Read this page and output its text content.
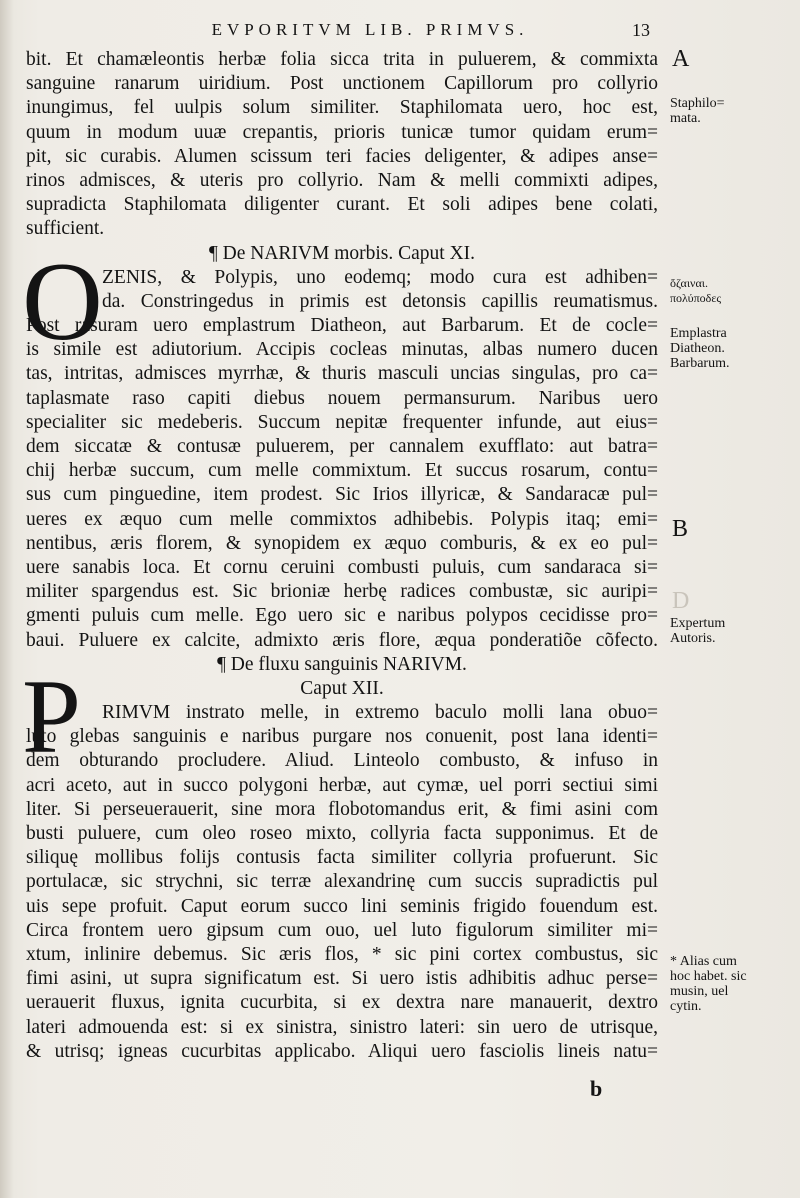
EVPORITVM LIB. PRIMVS.	13
O
P
bit. Et chamæleontis herbæ folia sicca trita in puluerem, & commixta
sanguine ranarum uiridium. Post unctionem Capillorum pro collyrio
inungimus, fel uulpis solum similiter. Staphilomata uero, hoc est,
quum in modum uuæ crepantis, prioris tunicæ tumor quidam erum=
pit, sic curabis. Alumen scissum teri facies deligenter, & adipes anse=
rinos admisces, & uteris pro collyrio. Nam & melli commixti adipes,
supradicta Staphilomata diligenter curant. Et soli adipes bene colati,
sufficient.
¶ De NARIVM morbis. Caput XI.
ZENIS, & Polypis, uno eodemq; modo cura est adhiben=
da. Constringedus in primis est detonsis capillis reumatismus.
Post rasuram uero emplastrum Diatheon, aut Barbarum. Et de cocle=
is simile est adiutorium. Accipis cocleas minutas, albas numero ducen
tas, intritas, admisces myrrhæ, & thuris masculi uncias singulas, pro ca=
taplasmate raso capiti diebus nouem permansurum. Naribus uero
specialiter sic medeberis. Succum nepitæ frequenter infunde, aut eius=
dem siccatæ & contusæ puluerem, per cannalem exufflato: aut batra=
chij herbæ succum, cum melle commixtum. Et succus rosarum, contu=
sus cum pinguedine, item prodest. Sic Irios illyricæ, & Sandaracæ pul=
ueres ex æquo cum melle commixtos adhibebis. Polypis itaq; emi=
nentibus, æris florem, & synopidem ex æquo comburis, & ex eo pul=
uere sanabis loca. Et cornu ceruini combusti puluis, cum sandaraca si=
militer spargendus est. Sic brioniæ herbę radices combustæ, sic auripi=
gmenti puluis cum melle. Ego uero sic e naribus polypos cecidisse pro=
baui. Puluere ex calcite, admixto æris flore, æqua ponderatiõe cõfecto.
¶ De fluxu sanguinis NARIVM.
Caput XII.
RIMVM instrato melle, in extremo baculo molli lana obuo=
luto glebas sanguinis e naribus purgare nos conuenit, post lana identi=
dem obturando procludere. Aliud. Linteolo combusto, & infuso in
acri aceto, aut in succo polygoni herbæ, aut cymæ, uel porri sectiui simi
liter. Si perseuerauerit, sine mora flobotomandus erit, & fimi asini com
busti puluere, cum oleo roseo mixto, collyria facta supponimus. Et de
siliquę mollibus folijs contusis facta similiter collyria profuerunt. Sic
portulacæ, sic strychni, sic terræ alexandrinę cum succis supradictis pul
uis sepe profuit. Caput eorum succo lini seminis frigido fouendum est.
Circa frontem uero gipsum cum ouo, uel luto figulorum similiter mi=
xtum, inlinire debemus. Sic æris flos, * sic pini cortex combustus, sic
fimi asini, ut supra significatum est. Si uero istis adhibitis adhuc perse=
uerauerit fluxus, ignita cucurbita, si ex dextra nare manauerit, dextro
lateri admouenda est: si ex sinistra, sinistro lateri: sin uero de utrisque,
& utrisq; igneas cucurbitas applicabo. Aliqui uero fasciolis lineis natu=
A
Staphilo=
mata.
ὄζαιναι.
πολύποδες
Emplastra
Diatheon.
Barbarum.
B
D
Expertum
Autoris.
* Alias cum
hoc habet. sic
musin, uel
cytin.
b
